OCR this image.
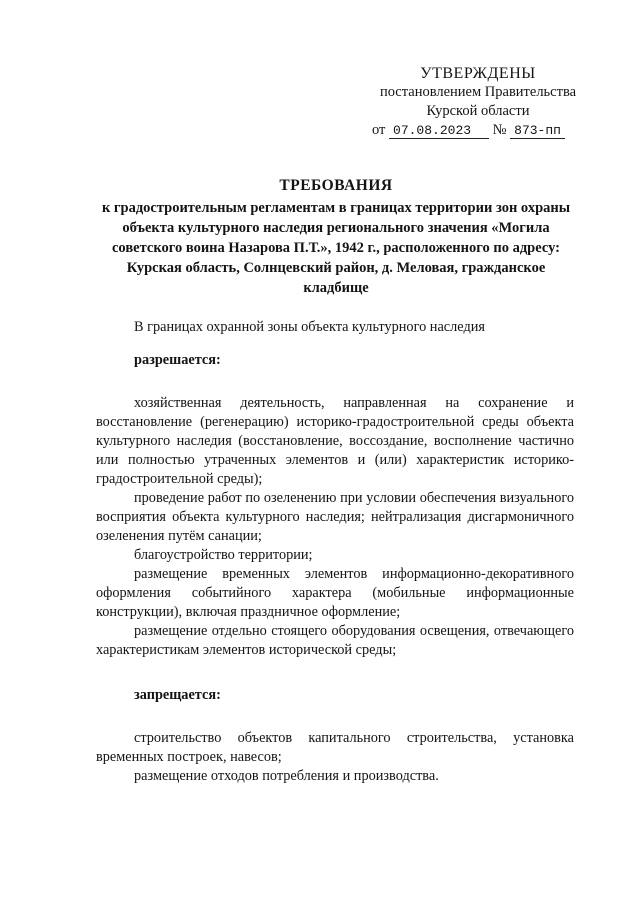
УТВЕРЖДЕНЫ
постановлением Правительства
Курской области
от 07.08.2023 № 873-пп
ТРЕБОВАНИЯ
к градостроительным регламентам в границах территории зон охраны объекта культурного наследия регионального значения «Могила советского воина Назарова П.Т.», 1942 г., расположенного по адресу: Курская область, Солнцевский район, д. Меловая, гражданское кладбище

В границах охранной зоны объекта культурного наследия

разрешается:

хозяйственная деятельность, направленная на сохранение и восстановление (регенерацию) историко-градостроительной среды объекта культурного наследия (восстановление, воссоздание, восполнение частично или полностью утраченных элементов и (или) характеристик историко-градостроительной среды);
проведение работ по озеленению при условии обеспечения визуального восприятия объекта культурного наследия; нейтрализация дисгармоничного озеленения путём санации;
благоустройство территории;
размещение временных элементов информационно-декоративного оформления событийного характера (мобильные информационные конструкции), включая праздничное оформление;
размещение отдельно стоящего оборудования освещения, отвечающего характеристикам элементов исторической среды;

запрещается:

строительство объектов капитального строительства, установка временных построек, навесов;
размещение отходов потребления и производства.
